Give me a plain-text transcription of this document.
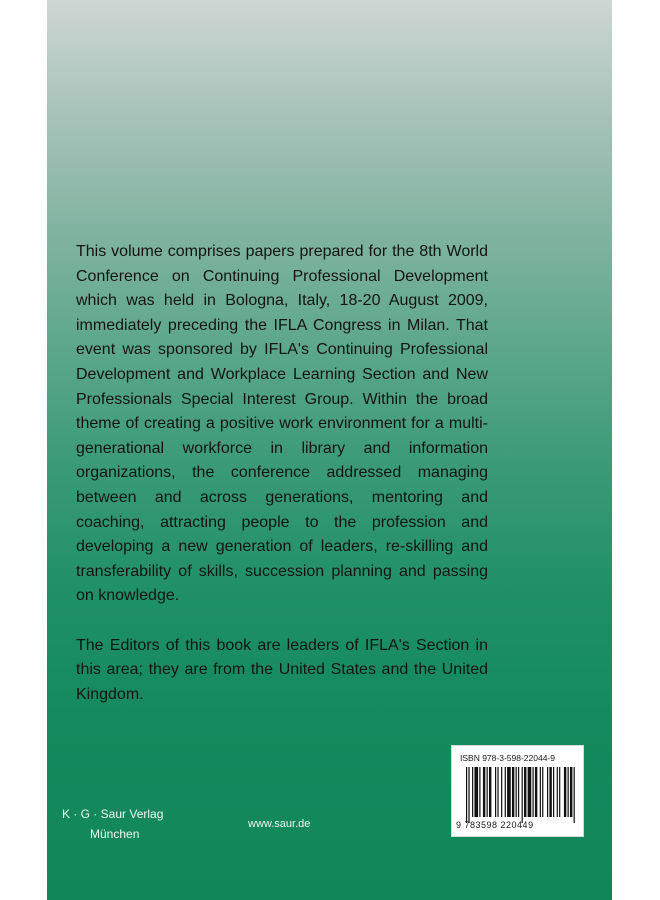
This volume comprises papers prepared for the 8th World Conference on Continuing Professional Development which was held in Bologna, Italy, 18-20 August 2009, immediately preceding the IFLA Congress in Milan. That event was sponsored by IFLA's Continuing Professional Development and Workplace Learning Section and New Professionals Special Interest Group. Within the broad theme of creating a positive work environment for a multi-generational workforce in library and information organizations, the conference addressed managing between and across generations, mentoring and coaching, attracting people to the profession and developing a new generation of leaders, re-skilling and transferability of skills, succession planning and passing on knowledge.

The Editors of this book are leaders of IFLA's Section in this area; they are from the United States and the United Kingdom.

K · G · Saur Verlag
München
www.saur.de
ISBN 978-3-598-22044-9
9 783598 220449
